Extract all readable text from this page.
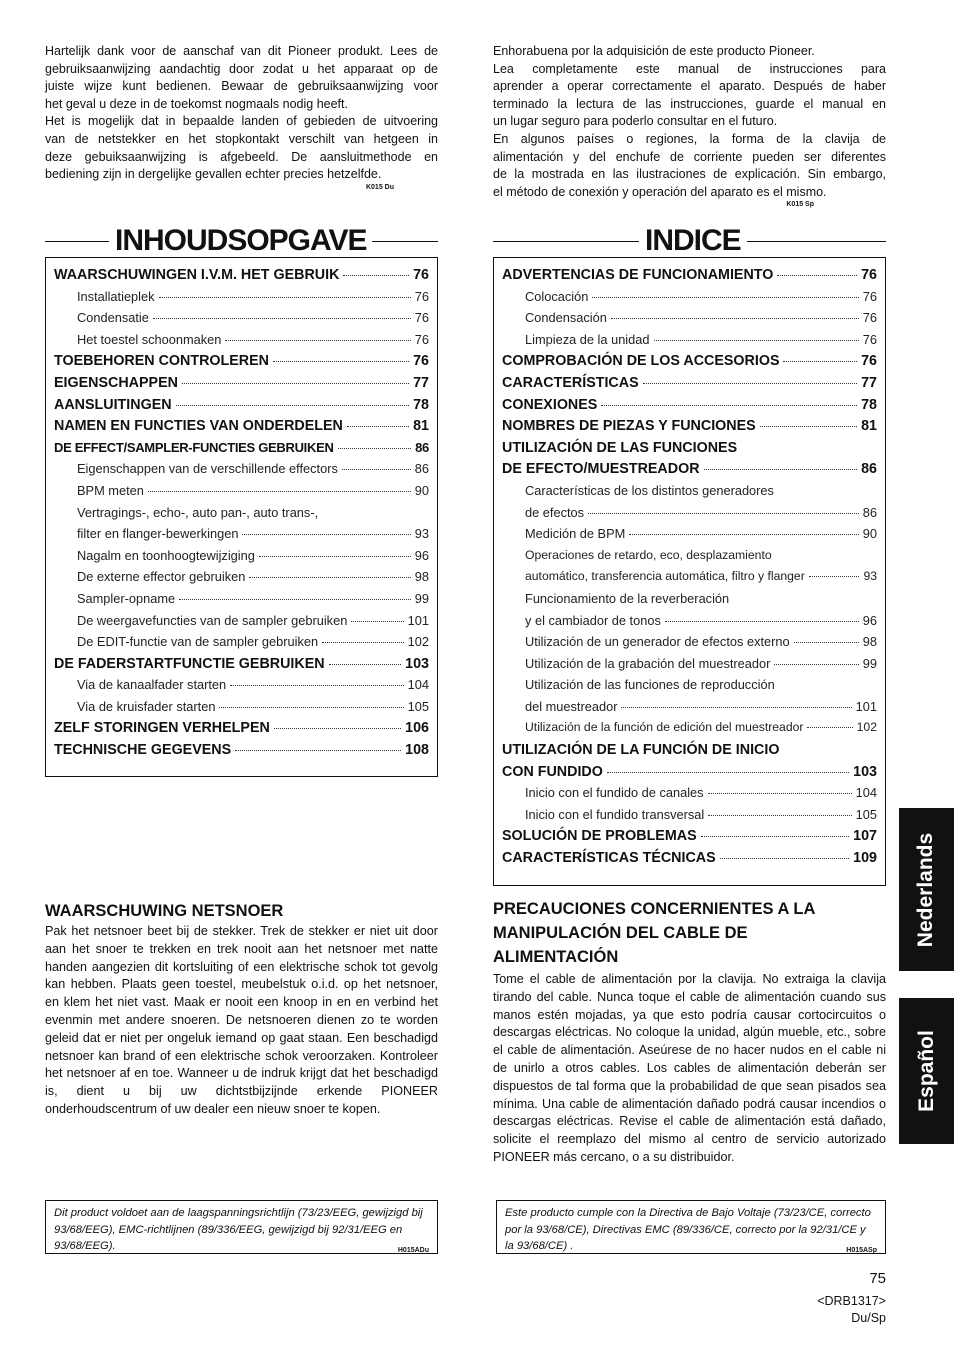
Hartelijk dank voor de aanschaf van dit Pioneer produkt. Lees de
gebruiksaanwijzing aandachtig door zodat u het apparaat op de
juiste wijze kunt bedienen. Bewaar de gebruiksaanwijzing voor
het geval u deze in de toekomst nogmaals nodig heeft.
Het is mogelijk dat in bepaalde landen of gebieden de uitvoering
van de netstekker en het stopkontakt verschilt van hetgeen in
deze gebuiksaanwijzing is afgebeeld. De aansluitmethode en
bediening zijn in dergelijke gevallen echter precies hetzelfde.
K015 Du
Enhorabuena por la adquisición de este producto Pioneer.
Lea completamente este manual de instrucciones para
aprender a operar correctamente el aparato. Después de haber
terminado la lectura de las instrucciones, guarde el manual en
un lugar seguro para poderlo consultar en el futuro.
En algunos países o regiones, la forma de la clavija de
alimentación y del enchufe de corriente pueden ser diferentes
de la mostrada en las ilustraciones de explicación. Sin embargo,
el método de conexión y operación del aparato es el mismo.
K015 Sp
INHOUDSOPGAVE	INDICE
WAARSCHUWINGEN I.V.M. HET GEBRUIK	76
Installatieplek	76
Condensatie	76
Het toestel schoonmaken	76
TOEBEHOREN CONTROLEREN	76
EIGENSCHAPPEN	77
AANSLUITINGEN	78
NAMEN EN FUNCTIES VAN ONDERDELEN	81
DE EFFECT/SAMPLER-FUNCTIES GEBRUIKEN	86
Eigenschappen van de verschillende effectors	86
BPM meten	90
Vertragings-, echo-, auto pan-, auto trans-,
filter en flanger-bewerkingen	93
Nagalm en toonhoogtewijziging	96
De externe effector gebruiken	98
Sampler-opname	99
De weergavefuncties van de sampler gebruiken	101
De EDIT-functie van de sampler gebruiken	102
DE FADERSTARTFUNCTIE GEBRUIKEN	103
Via de kanaalfader starten	104
Via de kruisfader starten	105
ZELF STORINGEN VERHELPEN	106
TECHNISCHE GEGEVENS	108
ADVERTENCIAS DE FUNCIONAMIENTO	76
Colocación	76
Condensación	76
Limpieza de la unidad	76
COMPROBACIÓN DE LOS ACCESORIOS	76
CARACTERÍSTICAS	77
CONEXIONES	78
NOMBRES DE PIEZAS Y FUNCIONES	81
UTILIZACIÓN DE LAS FUNCIONES
DE EFECTO/MUESTREADOR	86
Características de los distintos generadores
de efectos	86
Medición de BPM	90
Operaciones de retardo, eco, desplazamiento
automático, transferencia automática, filtro y flanger	93
Funcionamiento de la reverberación
y el cambiador de tonos	96
Utilización de un generador de efectos externo	98
Utilización de la grabación del muestreador	99
Utilización de las funciones de reproducción
del muestreador	101
Utilización de la función de edición del muestreador	102
UTILIZACIÓN DE LA FUNCIÓN DE INICIO
CON FUNDIDO	103
Inicio con el fundido de canales	104
Inicio con el fundido transversal	105
SOLUCIÓN DE PROBLEMAS	107
CARACTERÍSTICAS TÉCNICAS	109
WAARSCHUWING NETSNOER

Pak het netsnoer beet bij de stekker. Trek de stekker er niet uit door aan het snoer te trekken en trek nooit aan het netsnoer met natte handen aangezien dit kortsluiting of een elektrische schok tot gevolg kan hebben. Plaats geen toestel, meubelstuk o.i.d. op het netsnoer, en klem het niet vast. Maak er nooit een knoop in en en verbind het evenmin met andere snoeren. De netsnoeren dienen zo te worden geleid dat er niet per ongeluk iemand op gaat staan. Een beschadigd netsnoer kan brand of een elektrische schok veroorzaken. Kontroleer het netsnoer af en toe. Wanneer u de indruk krijgt dat het beschadigd is, dient u bij uw dichtstbijzijnde erkende PIONEER onderhoudscentrum of uw dealer een nieuw snoer te kopen.

PRECAUCIONES CONCERNIENTES A LA
MANIPULACIÓN DEL CABLE DE
ALIMENTACIÓN

Tome el cable de alimentación por la clavija. No extraiga la clavija tirando del cable. Nunca toque el cable de alimentación cuando sus manos estén mojadas, ya que esto podría causar cortocircuitos o descargas eléctricas. No coloque la unidad, algún mueble, etc., sobre el cable de alimentación. Aseúrese de no hacer nudos en el cable ni de unirlo a otros cables. Los cables de alimentación deberán ser dispuestos de tal forma que la probabilidad de que sean pisados sea mínima. Una cable de alimentación dañado podrá causar incendios o descargas eléctricas. Revise el cable de alimentación está dañado, solicite el reemplazo del mismo al centro de servicio autorizado PIONEER más cercano, o a su distribuidor.

Dit product voldoet aan de laagspanningsrichtlijn (73/23/EEG, gewijzigd bij 93/68/EEG), EMC-richtlijnen (89/336/EEG, gewijzigd bij 92/31/EEG en 93/68/EEG).	H015ADu
Este producto cumple con la Directiva de Bajo Voltaje (73/23/CE, correcto por la 93/68/CE), Directivas EMC (89/336/CE, correcto por la 92/31/CE y la 93/68/CE) .	H015ASp
Nederlands
Español
75
<DRB1317>
Du/Sp
